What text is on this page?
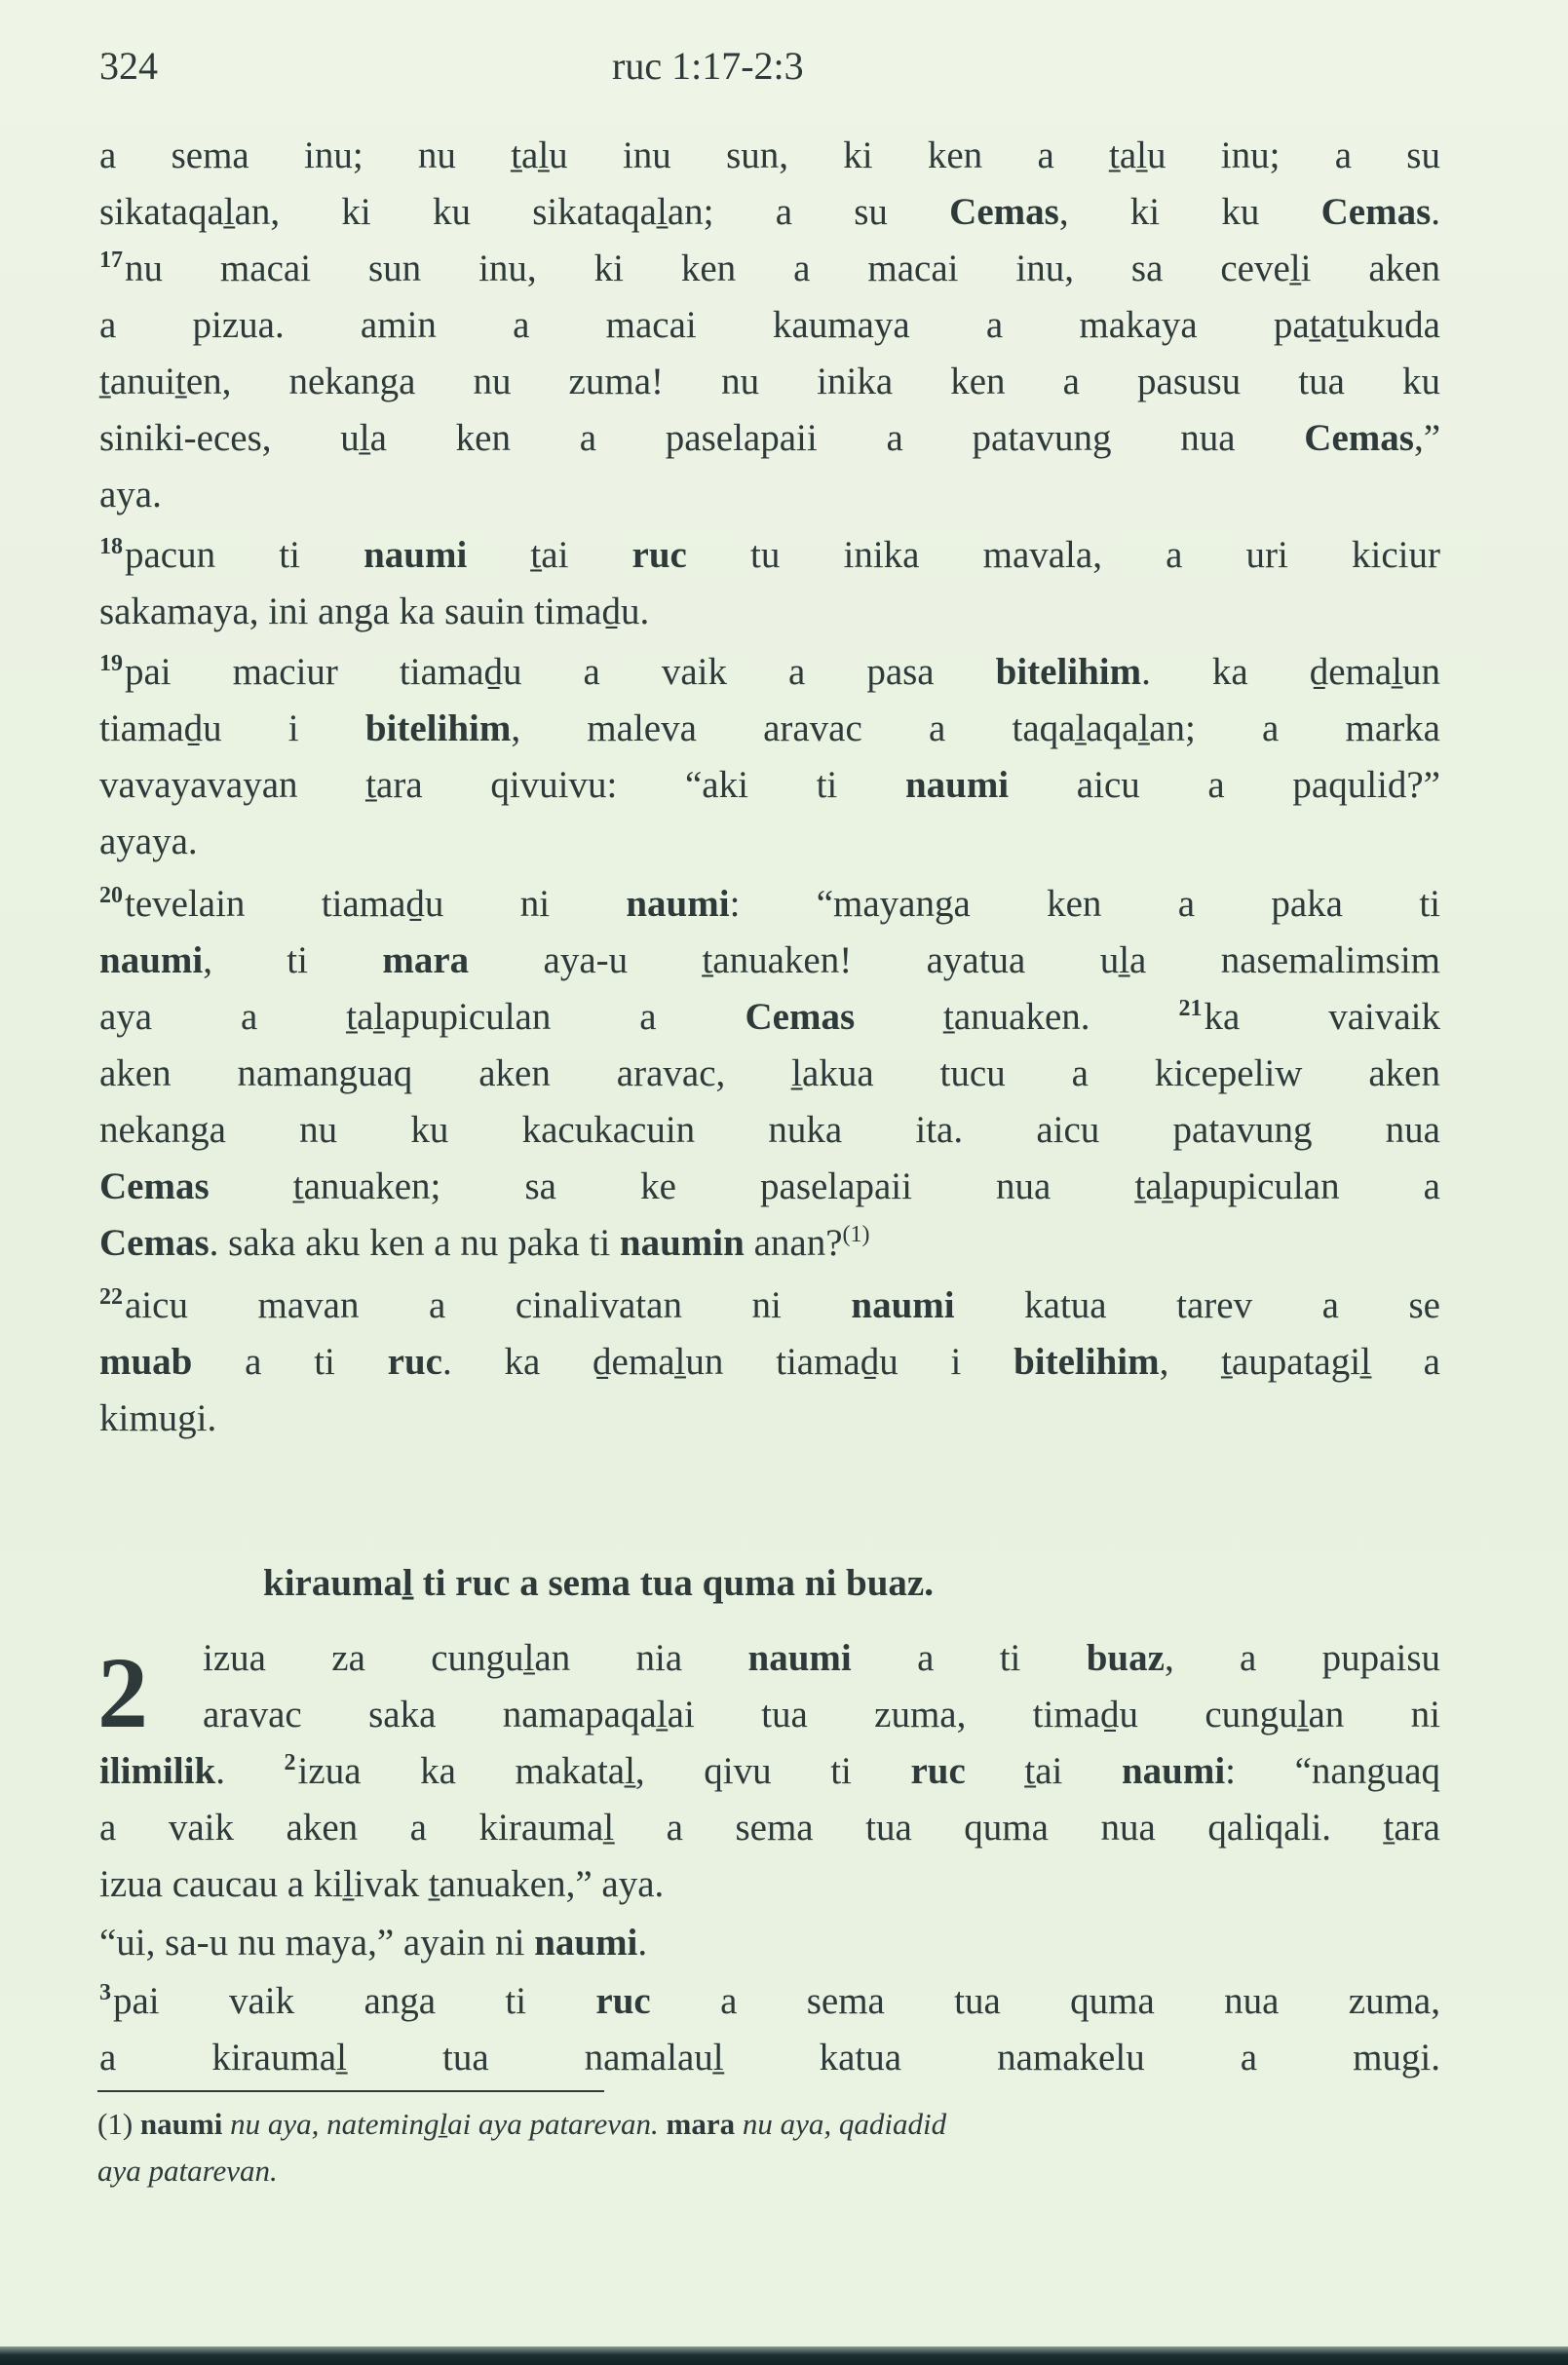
324	ruc 1:17-2:3
a sema inu; nu t̠al̠u inu sun, ki ken a t̠al̠u inu; a su
sikataqal̠an, ki ku sikataqal̠an; a su Cemas, ki ku Cemas.
$^{17}$nu macai sun inu, ki ken a macai inu, sa cevel̠i aken
a pizua. amin a macai kaumaya a makaya pat̠at̠ukuda
t̠anuit̠en, nekanga nu zuma! nu inika ken a pasusu tua ku
siniki-eces, ul̠a ken a paselapaii a patavung nua Cemas,”
aya.
$^{18}$pacun ti naumi t̠ai ruc tu inika mavala, a uri kiciur
sakamaya, ini anga ka sauin timad̠u.
$^{19}$pai maciur tiamad̠u a vaik a pasa bitelihim. ka d̠emal̠un
tiamad̠u i bitelihim, maleva aravac a taqal̠aqal̠an; a marka
vavayavayan t̠ara qivuivu: “aki ti naumi aicu a paqulid?”
ayaya.
$^{20}$tevelain tiamad̠u ni naumi: “mayanga ken a paka ti
naumi, ti mara aya-u t̠anuaken! ayatua ul̠a nasemalimsim
aya a t̠al̠apupiculan a Cemas t̠anuaken. $^{21}$ka vaivaik
aken namanguaq aken aravac, l̠akua tucu a kicepeliw aken
nekanga nu ku kacukacuin nuka ita. aicu patavung nua
Cemas t̠anuaken; sa ke paselapaii nua t̠al̠apupiculan a
Cemas. saka aku ken a nu paka ti naumin anan?$^{(1)}$
$^{22}$aicu mavan a cinalivatan ni naumi katua tarev a se
muab a ti ruc. ka d̠emal̠un tiamad̠u i bitelihim, t̠aupatagil̠ a
kimugi.
kiraumal̠ ti ruc a sema tua quma ni buaz.
2 izua za cungul̠an nia naumi a ti buaz, a pupaisu
aravac saka namapaqal̠ai tua zuma, timad̠u cungul̠an ni
ilimilik. $^2$izua ka makatal̠, qivu ti ruc t̠ai naumi: “nanguaq
a vaik aken a kiraumal̠ a sema tua quma nua qaliqali. t̠ara
izua caucau a kil̠ivak t̠anuaken,” aya.
“ui, sa-u nu maya,” ayain ni naumi.
$^3$pai vaik anga ti ruc a sema tua quma nua zuma,
a kiraumal̠ tua namalaul̠ katua namakelu a mugi.
(1) naumi nu aya, natemingl̠ai aya patarevan. mara nu aya, qadiadid
aya patarevan.
